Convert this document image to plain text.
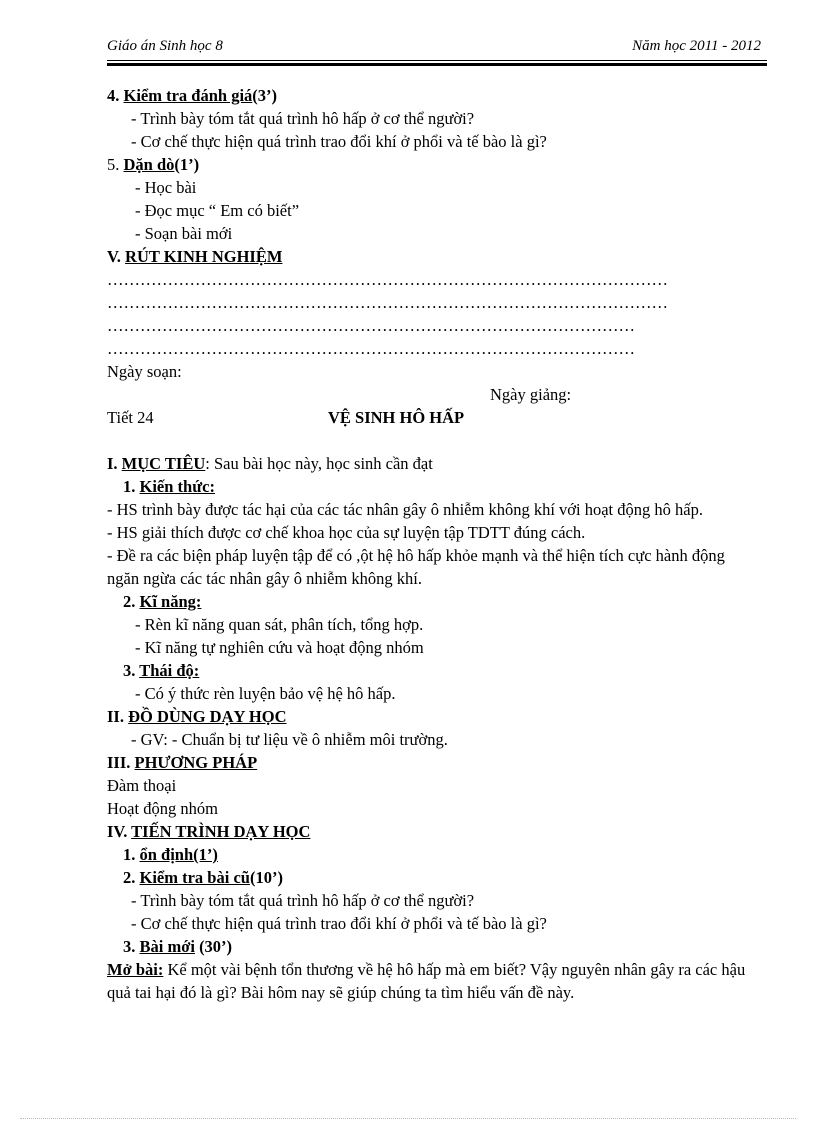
Giáo án Sinh học 8	Năm học 2011 - 2012
4. Kiểm tra đánh giá(3’)
- Trình bày tóm tắt quá trình hô hấp ở cơ thể người?
- Cơ chế thực hiện quá trình trao đổi khí ở phổi và tế bào là gì?
5. Dặn dò(1’)
- Học bài
- Đọc mục “ Em có biết”
- Soạn bài mới
V. RÚT KINH NGHIỆM
…………………………………………………………………………………………
…………………………………………………………………………………………
……………………………………………………………………………………
……………………………………………………………………………………
Ngày soạn:
Ngày giảng:
Tiết 24	VỆ SINH HÔ HẤP
I. MỤC TIÊU: Sau bài học này, học sinh cần đạt
1. Kiến thức:
- HS trình bày được tác hại của các tác nhân gây ô nhiễm không khí với hoạt động hô hấp.
- HS giải thích được cơ chế khoa học của sự luyện tập TDTT đúng cách.
- Đề ra các biện pháp luyện tập để có ,ột hệ hô hấp khỏe mạnh và thể hiện tích cực hành động ngăn ngừa các tác nhân gây ô nhiễm không khí.
2. Kĩ năng:
- Rèn kĩ năng quan sát, phân tích, tổng hợp.
- Kĩ năng tự nghiên cứu và hoạt động nhóm
3. Thái độ:
- Có ý thức rèn luyện bảo vệ hệ hô hấp.
II. ĐỒ DÙNG DẠY HỌC
- GV: - Chuẩn bị tư liệu về ô nhiễm môi trường.
III. PHƯƠNG PHÁP
Đàm thoại
Hoạt động nhóm
IV. TIẾN TRÌNH DẠY HỌC
1. ổn định(1’)
2. Kiểm tra bài cũ(10’)
- Trình bày tóm tắt quá trình hô hấp ở cơ thể người?
- Cơ chế thực hiện quá trình trao đổi khí ở phổi và tế bào là gì?
3. Bài mới (30’)
Mở bài: Kể một vài bệnh tổn thương về hệ hô hấp mà em biết? Vậy nguyên nhân gây ra các hậu quả tai hại đó là gì? Bài hôm nay sẽ giúp chúng ta tìm hiểu vấn đề này.
